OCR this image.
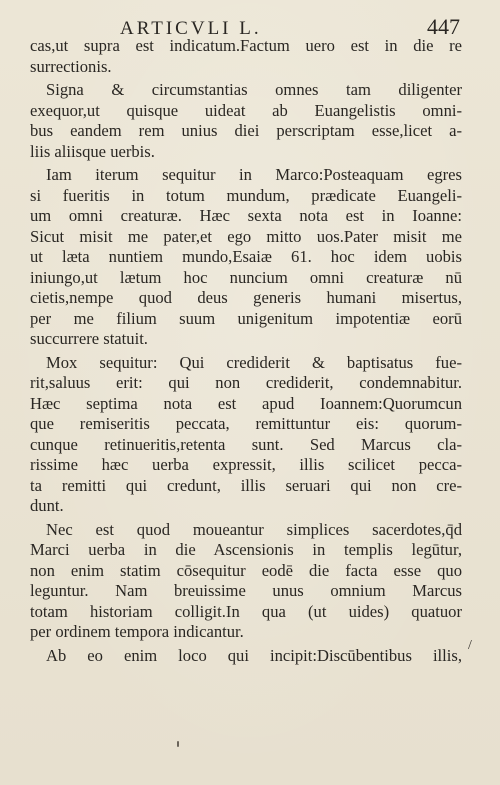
ARTICVLI L.	447
cas,ut supra est indicatum.Factum uero est in die re
surrectionis.
Signa & circumstantias omnes tam diligenter
exequor,ut quisque uideat ab Euangelistis omni-
bus eandem rem unius diei perscriptam esse,licet a-
liis aliisque uerbis.
Iam iterum sequitur in Marco:Posteaquam egres
si fueritis in totum mundum, prædicate Euangeli-
um omni creaturæ. Hæc sexta nota est in Ioanne:
Sicut misit me pater,et ego mitto uos.Pater misit me
ut læta nuntiem mundo,Esaiæ 61. hoc idem uobis
iniungo,ut lætum hoc nuncium omni creaturæ nū
cietis,nempe quod deus generis humani misertus,
per me filium suum unigenitum impotentiæ eorū
succurrere statuit.
Mox sequitur: Qui crediderit & baptisatus fue-
rit,saluus erit: qui non crediderit, condemnabitur.
Hæc septima nota est apud Ioannem:Quorumcun
que remiseritis peccata, remittuntur eis: quorum-
cunque retinueritis,retenta sunt. Sed Marcus cla-
rissime hæc uerba expressit, illis scilicet pecca-
ta remitti qui credunt, illis seruari qui non cre-
dunt.
Nec est quod moueantur simplices sacerdotes,q̄d
Marci uerba in die Ascensionis in templis legūtur,
non enim statim cōsequitur eodē die facta esse quo
leguntur. Nam breuissime unus omnium Marcus
totam historiam colligit.In qua (ut uides) quatuor
per ordinem tempora indicantur.
Ab eo enim loco qui incipit:Discūbentibus illis, /
